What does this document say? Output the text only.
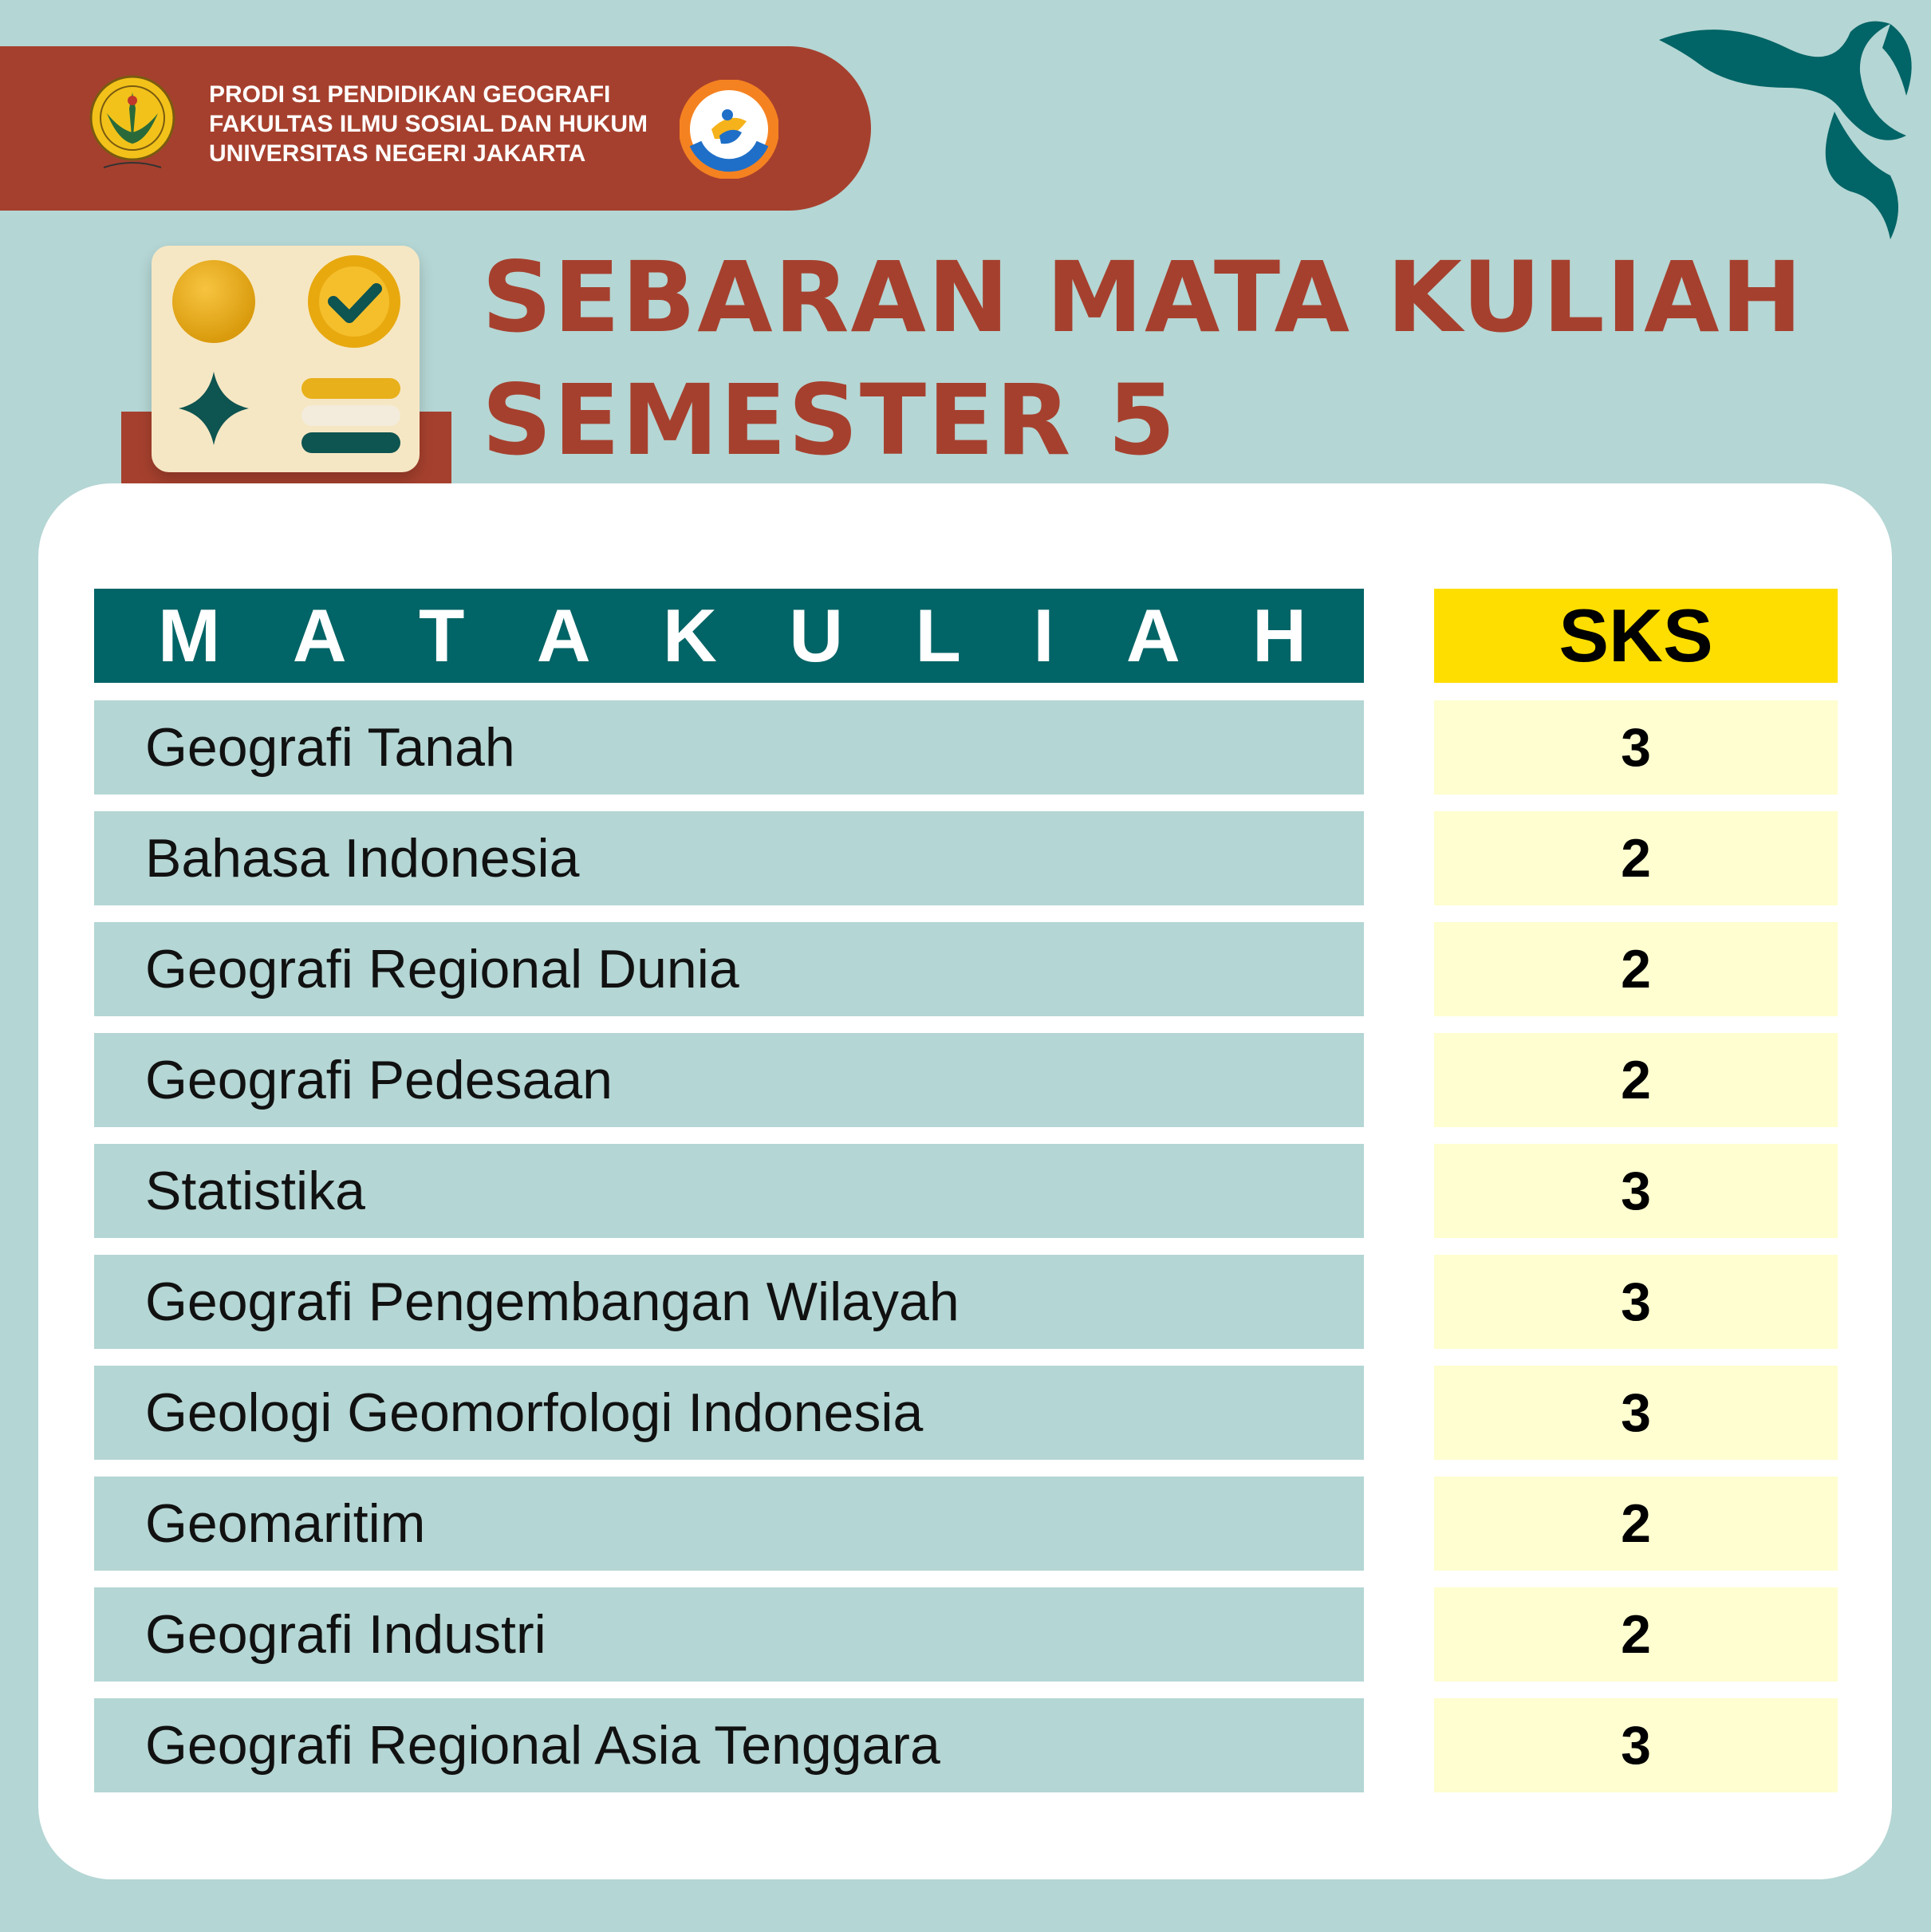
PRODI S1 PENDIDIKAN GEOGRAFI
FAKULTAS ILMU SOSIAL DAN HUKUM
UNIVERSITAS NEGERI JAKARTA
SEBARAN MATA KULIAH
SEMESTER 5
M A T A K U L I A H	SKS
Geografi Tanah	3
Bahasa Indonesia	2
Geografi Regional Dunia	2
Geografi Pedesaan	2
Statistika	3
Geografi Pengembangan Wilayah	3
Geologi Geomorfologi Indonesia	3
Geomaritim	2
Geografi Industri	2
Geografi Regional Asia Tenggara	3
